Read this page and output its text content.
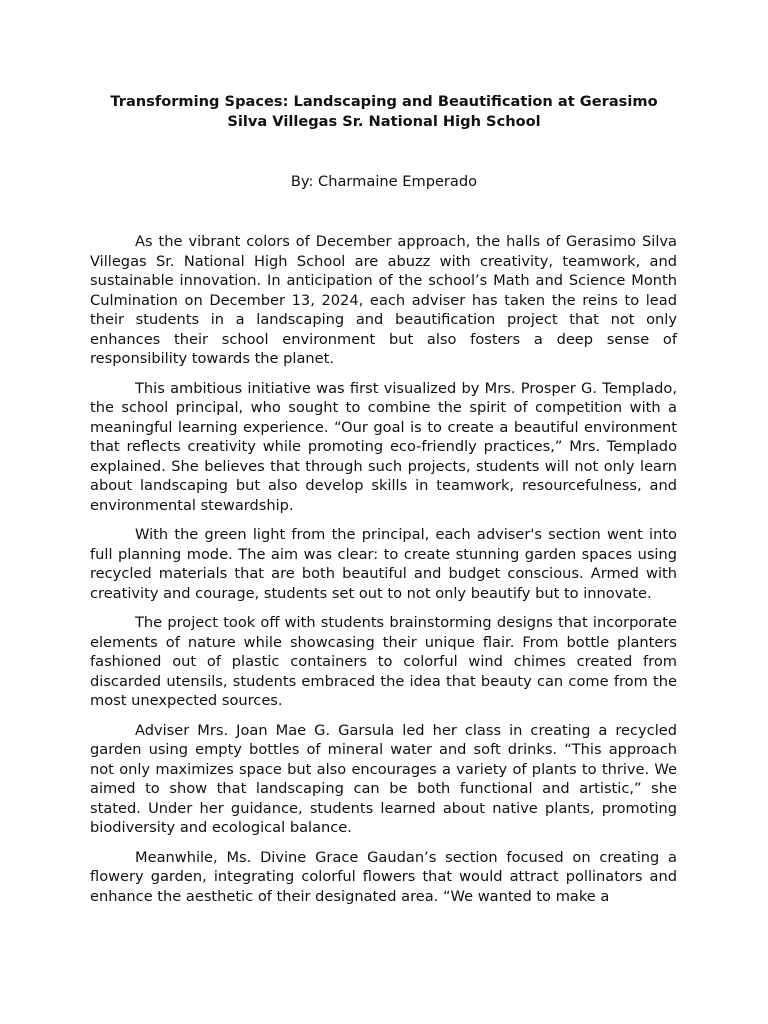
Transforming Spaces: Landscaping and Beautification at Gerasimo Silva Villegas Sr. National High School

By: Charmaine Emperado

As the vibrant colors of December approach, the halls of Gerasimo Silva Villegas Sr. National High School are abuzz with creativity, teamwork, and sustainable innovation. In anticipation of the school’s Math and Science Month Culmination on December 13, 2024, each adviser has taken the reins to lead their students in a landscaping and beautification project that not only enhances their school environment but also fosters a deep sense of responsibility towards the planet.

This ambitious initiative was first visualized by Mrs. Prosper G. Templado, the school principal, who sought to combine the spirit of competition with a meaningful learning experience. “Our goal is to create a beautiful environment that reflects creativity while promoting eco-friendly practices,” Mrs. Templado explained. She believes that through such projects, students will not only learn about landscaping but also develop skills in teamwork, resourcefulness, and environmental stewardship.

With the green light from the principal, each adviser's section went into full planning mode. The aim was clear: to create stunning garden spaces using recycled materials that are both beautiful and budget conscious. Armed with creativity and courage, students set out to not only beautify but to innovate.

The project took off with students brainstorming designs that incorporate elements of nature while showcasing their unique flair. From bottle planters fashioned out of plastic containers to colorful wind chimes created from discarded utensils, students embraced the idea that beauty can come from the most unexpected sources.

Adviser Mrs. Joan Mae G. Garsula led her class in creating a recycled garden using empty bottles of mineral water and soft drinks. “This approach not only maximizes space but also encourages a variety of plants to thrive. We aimed to show that landscaping can be both functional and artistic,” she stated. Under her guidance, students learned about native plants, promoting biodiversity and ecological balance.

Meanwhile, Ms. Divine Grace Gaudan’s section focused on creating a flowery garden, integrating colorful flowers that would attract pollinators and enhance the aesthetic of their designated area. “We wanted to make a
